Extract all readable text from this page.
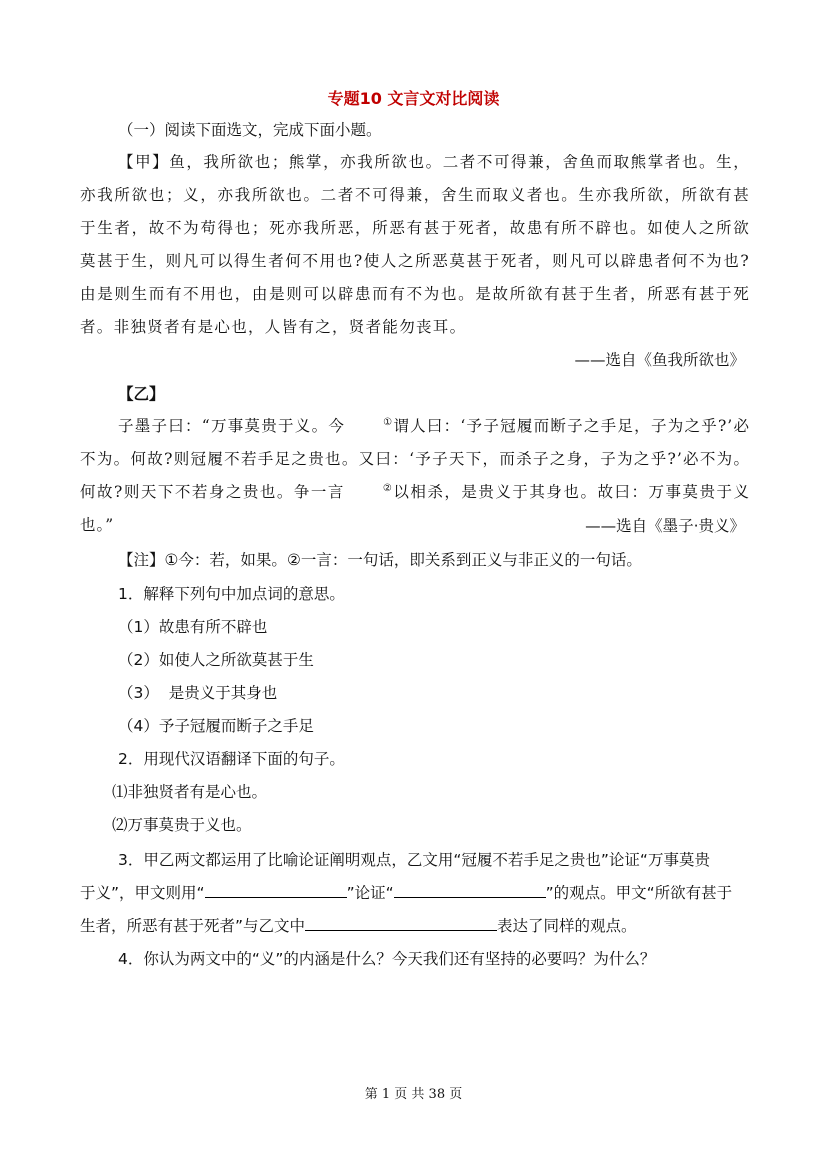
专题10 文言文对比阅读
（一）阅读下面选文，完成下面小题。
【甲】鱼，我所欲也；熊掌，亦我所欲也。二者不可得兼，舍鱼而取熊掌者也。生，亦我所欲也；义，亦我所欲也。二者不可得兼，舍生而取义者也。生亦我所欲，所欲有甚于生者，故不为苟得也；死亦我所恶，所恶有甚于死者，故患有所不辟也。如使人之所欲莫甚于生，则凡可以得生者何不用也?使人之所恶莫甚于死者，则凡可以辟患者何不为也?由是则生而有不用也，由是则可以辟患而有不为也。是故所欲有甚于生者，所恶有甚于死者。非独贤者有是心也，人皆有之，贤者能勿丧耳。
——选自《鱼我所欲也》
【乙】
子墨子曰：“万事莫贵于义。今	①谓人曰：‘予子冠履而断子之手足，子为之乎?’必不为。何故?则冠履不若手足之贵也。又曰：‘予子天下，而杀子之身，子为之乎?’必不为。何故?则天下不若身之贵也。争一言	②以相杀，是贵义于其身也。故曰：万事莫贵于义也。”	——选自《墨子·贵义》
【注】①今：若，如果。②一言：一句话，即关系到正义与非正义的一句话。
1．解释下列句中加点词的意思。
（1）故患有所不辟也
（2）如使人之所欲莫甚于生
（3）  是贵义于其身也
（4）予子冠履而断子之手足
2．用现代汉语翻译下面的句子。
⑴非独贤者有是心也。
⑵万事莫贵于义也。
3．甲乙两文都运用了比喻论证阐明观点，乙文用“冠履不若手足之贵也”论证“万事莫贵
于义”，甲文则用“	”论证“	”的观点。甲文“所欲有甚于
生者，所恶有甚于死者”与乙文中	表达了同样的观点。
4．你认为两文中的“义”的内涵是什么？今天我们还有坚持的必要吗？为什么？
第 1 页 共 38 页
